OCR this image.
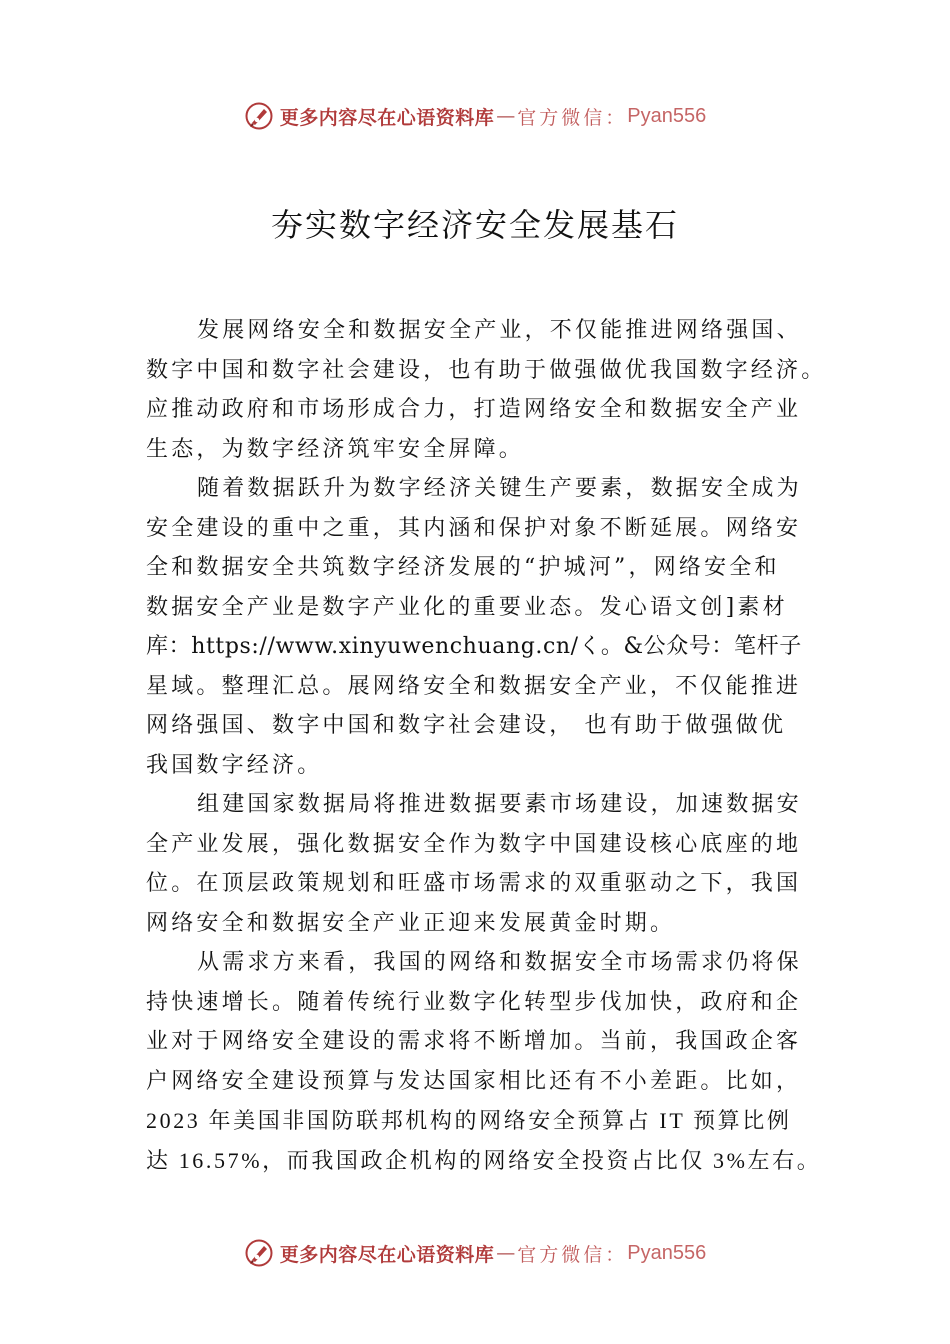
更多内容尽在心语资料库 — 官方微信： Pyan556
夯实数字经济安全发展基石
发展网络安全和数据安全产业，不仅能推进网络强国、
数字中国和数字社会建设，也有助于做强做优我国数字经济。
应推动政府和市场形成合力，打造网络安全和数据安全产业
生态，为数字经济筑牢安全屏障。
随着数据跃升为数字经济关键生产要素，数据安全成为
安全建设的重中之重，其内涵和保护对象不断延展。网络安
全和数据安全共筑数字经济发展的“护城河”，网络安全和
数据安全产业是数字产业化的重要业态。发心语文创]素材
库：https://www.xinyuwenchuang.cn/く。&公众号：笔杆子
星域。整理汇总。展网络安全和数据安全产业，不仅能推进
网络强国、数字中国和数字社会建设， 也有助于做强做优
我国数字经济。
组建国家数据局将推进数据要素市场建设，加速数据安
全产业发展，强化数据安全作为数字中国建设核心底座的地
位。在顶层政策规划和旺盛市场需求的双重驱动之下，我国
网络安全和数据安全产业正迎来发展黄金时期。
从需求方来看，我国的网络和数据安全市场需求仍将保
持快速增长。随着传统行业数字化转型步伐加快，政府和企
业对于网络安全建设的需求将不断增加。当前，我国政企客
户网络安全建设预算与发达国家相比还有不小差距。比如，
2023 年美国非国防联邦机构的网络安全预算占 IT 预算比例
达 16.57%，而我国政企机构的网络安全投资占比仅 3%左右。
更多内容尽在心语资料库 — 官方微信： Pyan556
